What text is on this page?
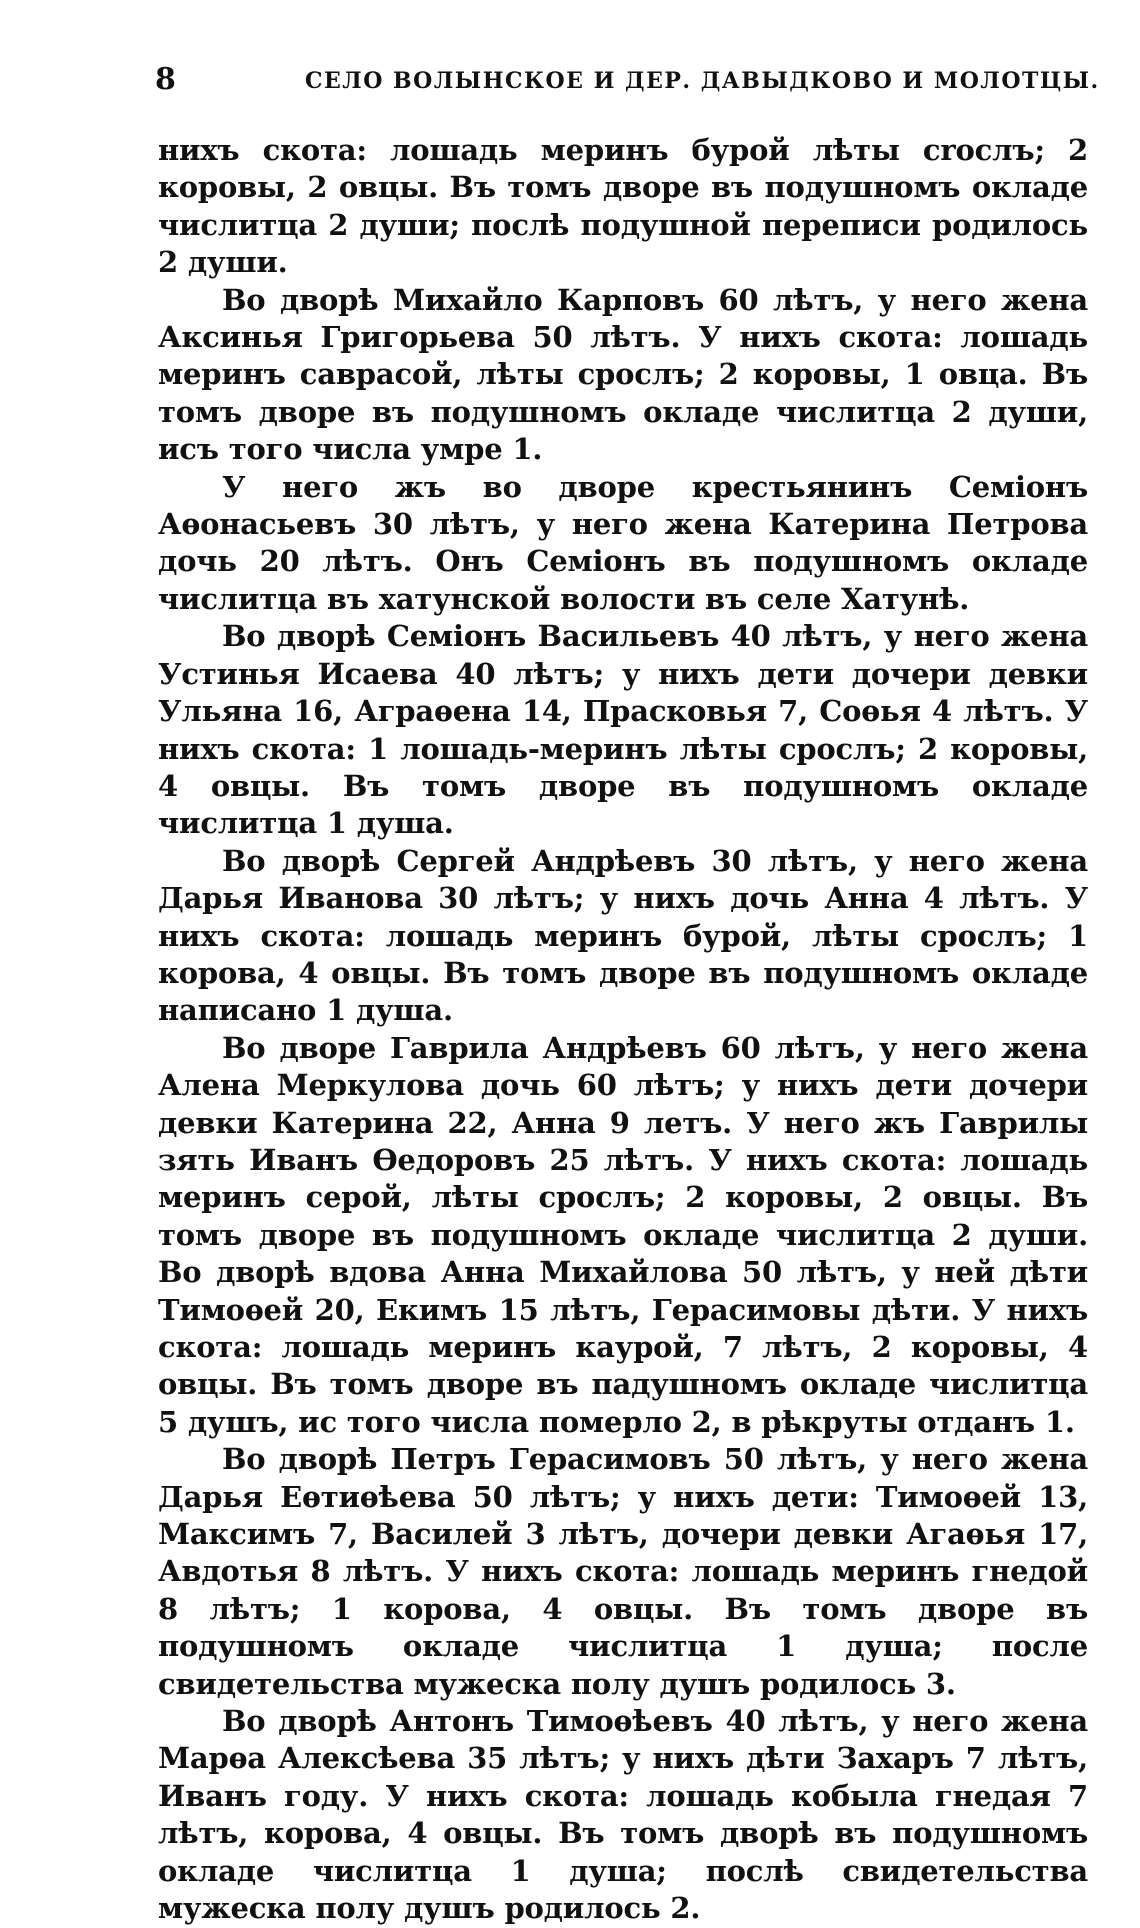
8	СЕЛО ВОЛЫНСКОЕ И ДЕР. ДАВЫДКОВО И МОЛОТЦЫ.

нихъ скота: лошадь меринъ бурой лѣты сroслъ; 2 коровы, 2 овцы. Въ томъ дворе въ подушномъ окладе числитца 2 души; послѣ подушной переписи родилось 2 души.

Во дворѣ Михайло Карповъ 60 лѣтъ, у него жена Аксинья Григорьева 50 лѣтъ. У нихъ скота: лошадь меринъ саврасой, лѣты сроcлъ; 2 коровы, 1 овца. Въ томъ дворе въ подушномъ окладе числитца 2 души, исъ того числа умре 1.

У него жъ во дворе крестьянинъ Семіонъ Аѳонасьевъ 30 лѣтъ, у него жена Катерина Петрова дочь 20 лѣтъ. Онъ Семіонъ въ подушномъ окладе числитца въ хатунской волости въ селе Хатунѣ.

Во дворѣ Семіонъ Васильевъ 40 лѣтъ, у него жена Устинья Исаева 40 лѣтъ; у нихъ дети дочери девки Ульяна 16, Аграѳена 14, Прасковья 7, Соѳья 4 лѣтъ. У нихъ скота: 1 лошадь-меринъ лѣты сроcлъ; 2 коровы, 4 овцы. Въ томъ дворе въ подушномъ окладе числитца 1 душа.

Во дворѣ Сергей Андрѣевъ 30 лѣтъ, у него жена Дарья Иванова 30 лѣтъ; у нихъ дочь Анна 4 лѣтъ. У нихъ скота: лошадь меринъ бурой, лѣты сроcлъ; 1 корова, 4 овцы. Въ томъ дворе въ подушномъ окладе написано 1 душа.

Во дворе Гаврила Андрѣевъ 60 лѣтъ, у него жена Алена Меркулова дочь 60 лѣтъ; у нихъ дети дочери девки Катерина 22, Анна 9 летъ. У него жъ Гаврилы зять Иванъ Ѳедоровъ 25 лѣтъ. У нихъ скота: лошадь меринъ серой, лѣты сроcлъ; 2 коровы, 2 овцы. Въ томъ дворе въ подушномъ окладе числитца 2 души. Во дворѣ вдова Анна Михайлова 50 лѣтъ, у ней дѣти Тимоѳей 20, Екимъ 15 лѣтъ, Герасимовы дѣти. У нихъ скота: лошадь меринъ каурой, 7 лѣтъ, 2 коровы, 4 овцы. Въ томъ дворе въ падушномъ окладе числитца 5 душъ, ис того числа померло 2, в рѣкруты отданъ 1.

Во дворѣ Петръ Герасимовъ 50 лѣтъ, у него жена Дарья Еѳтиѳѣева 50 лѣтъ; у нихъ дети: Тимоѳей 13, Максимъ 7, Василей 3 лѣтъ, дочери девки Агаѳья 17, Авдотья 8 лѣтъ. У нихъ скота: лошадь меринъ гнедой 8 лѣтъ; 1 корова, 4 овцы. Въ томъ дворе въ подушномъ окладе числитца 1 душа; после свидетельства мужеска полу душъ родилось 3.

Во дворѣ Антонъ Тимоѳѣевъ 40 лѣтъ, у него жена Марѳа Алексѣева 35 лѣтъ; у нихъ дѣти Захаръ 7 лѣтъ, Иванъ году. У нихъ скота: лошадь кобыла гнедая 7 лѣтъ, корова, 4 овцы. Въ томъ дворѣ въ подушномъ окладе числитца 1 душа; послѣ свидетельства мужеска полу душъ родилось 2.
